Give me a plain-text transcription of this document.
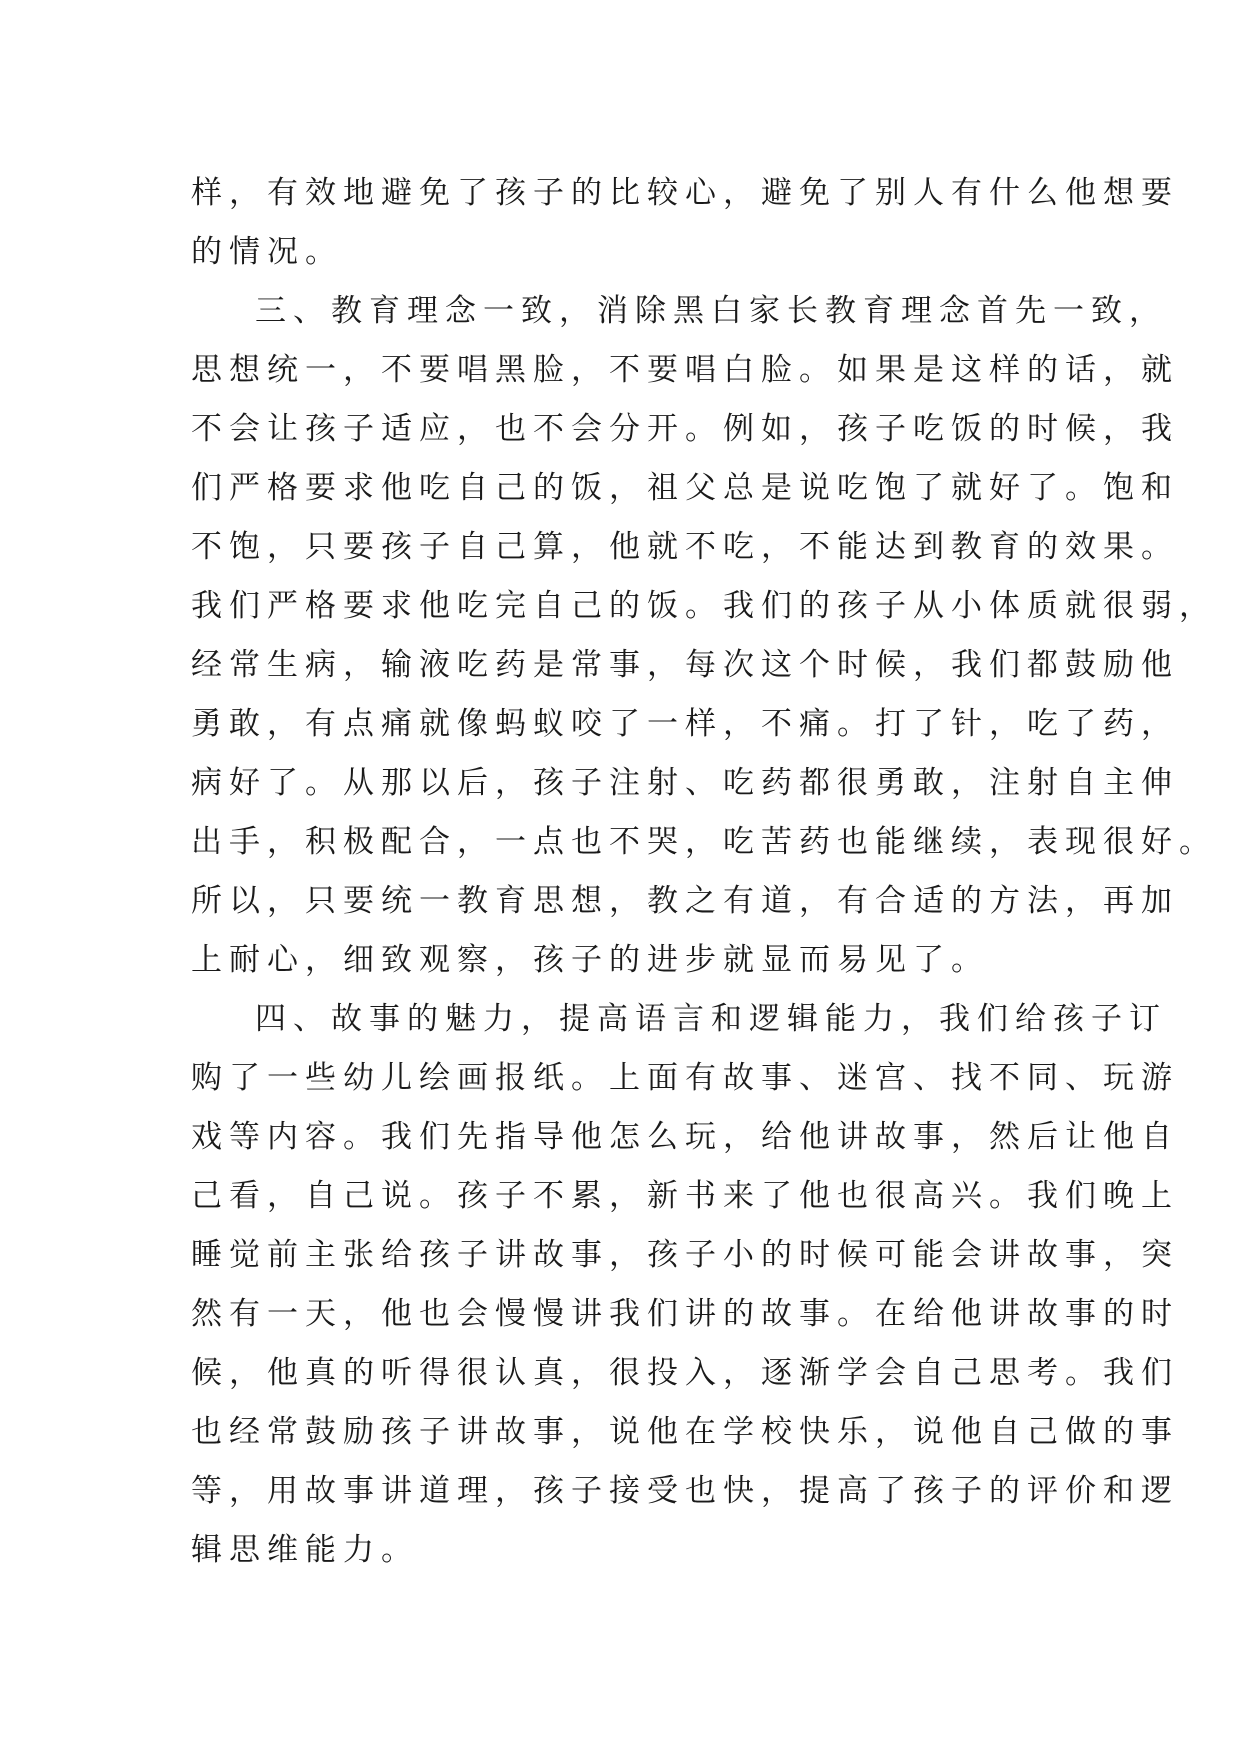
样，有效地避免了孩子的比较心，避免了别人有什么他想要
的情况。
三、教育理念一致，消除黑白家长教育理念首先一致，
思想统一，不要唱黑脸，不要唱白脸。如果是这样的话，就
不会让孩子适应，也不会分开。例如，孩子吃饭的时候，我
们严格要求他吃自己的饭，祖父总是说吃饱了就好了。饱和
不饱，只要孩子自己算，他就不吃，不能达到教育的效果。
我们严格要求他吃完自己的饭。我们的孩子从小体质就很弱，
经常生病，输液吃药是常事，每次这个时候，我们都鼓励他
勇敢，有点痛就像蚂蚁咬了一样，不痛。打了针，吃了药，
病好了。从那以后，孩子注射、吃药都很勇敢，注射自主伸
出手，积极配合，一点也不哭，吃苦药也能继续，表现很好。
所以，只要统一教育思想，教之有道，有合适的方法，再加
上耐心，细致观察，孩子的进步就显而易见了。
四、故事的魅力，提高语言和逻辑能力，我们给孩子订
购了一些幼儿绘画报纸。上面有故事、迷宫、找不同、玩游
戏等内容。我们先指导他怎么玩，给他讲故事，然后让他自
己看，自己说。孩子不累，新书来了他也很高兴。我们晚上
睡觉前主张给孩子讲故事，孩子小的时候可能会讲故事，突
然有一天，他也会慢慢讲我们讲的故事。在给他讲故事的时
候，他真的听得很认真，很投入，逐渐学会自己思考。我们
也经常鼓励孩子讲故事，说他在学校快乐，说他自己做的事
等，用故事讲道理，孩子接受也快，提高了孩子的评价和逻
辑思维能力。
